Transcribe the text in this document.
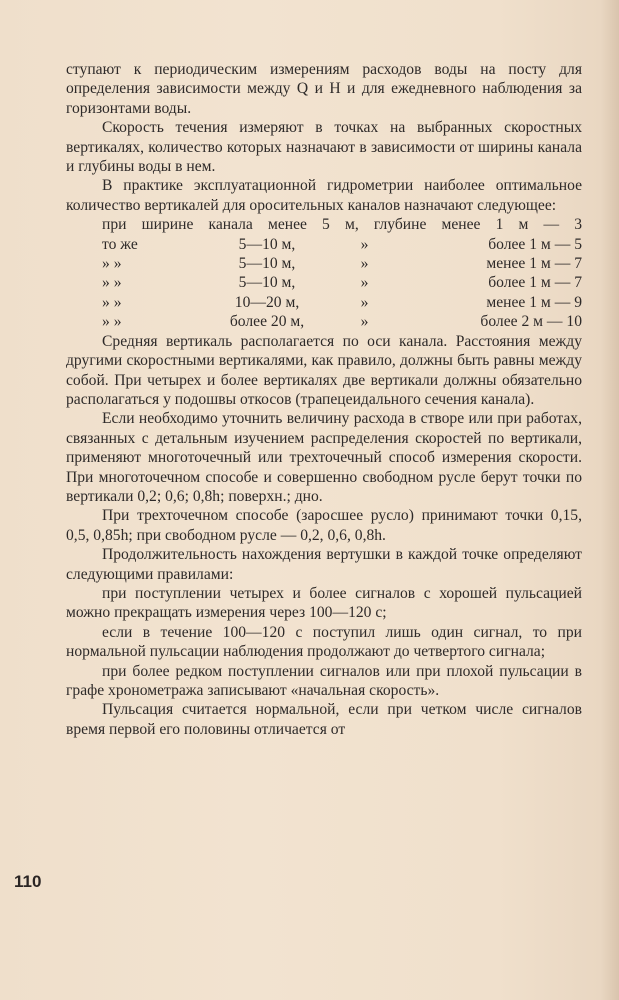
ступают к периодическим измерениям расходов воды на посту для определения зависимости между Q и H и для ежедневного наблюдения за горизонтами воды.

Скорость течения измеряют в точках на выбранных скоростных вертикалях, количество которых назначают в зависимости от ширины канала и глубины воды в нем.

В практике эксплуатационной гидрометрии наиболее оптимальное количество вертикалей для оросительных каналов назначают следующее:

при ширине канала менее 5 м, глубине менее 1 м — 3
то же	5—10 м,	»	более 1 м — 5
» »	5—10 м,	»	менее 1 м — 7
» »	5—10 м,	»	более 1 м — 7
» »	10—20 м,	»	менее 1 м — 9
» »	более 20 м,	»	более 2 м — 10

Средняя вертикаль располагается по оси канала. Расстояния между другими скоростными вертикалями, как правило, должны быть равны между собой. При четырех и более вертикалях две вертикали должны обязательно располагаться у подошвы откосов (трапецеидального сечения канала).

Если необходимо уточнить величину расхода в створе или при работах, связанных с детальным изучением распределения скоростей по вертикали, применяют многоточечный или трехточечный способ измерения скорости. При многоточечном способе и совершенно свободном русле берут точки по вертикали 0,2; 0,6; 0,8h; поверхн.; дно.

При трехточечном способе (заросшее русло) принимают точки 0,15, 0,5, 0,85h; при свободном русле — 0,2, 0,6, 0,8h.

Продолжительность нахождения вертушки в каждой точке определяют следующими правилами:

при поступлении четырех и более сигналов с хорошей пульсацией можно прекращать измерения через 100—120 с;

если в течение 100—120 с поступил лишь один сигнал, то при нормальной пульсации наблюдения продолжают до четвертого сигнала;

при более редком поступлении сигналов или при плохой пульсации в графе хронометража записывают «начальная скорость».

Пульсация считается нормальной, если при четком числе сигналов время первой его половины отличается от

110
